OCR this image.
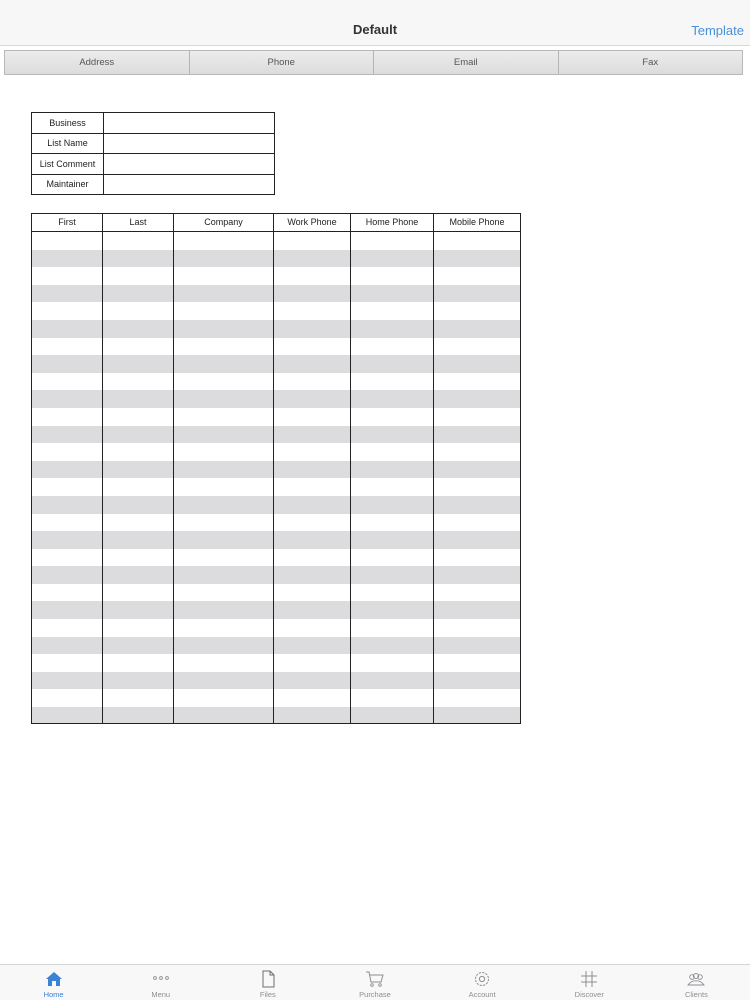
Default	Template
Address	Phone	Email	Fax
Business	
List Name	
List Comment	
Maintainer	
First	Last	Company	Work Phone	Home Phone	Mobile Phone
Home	Menu	Files	Purchase	Account	Discover	Clients
